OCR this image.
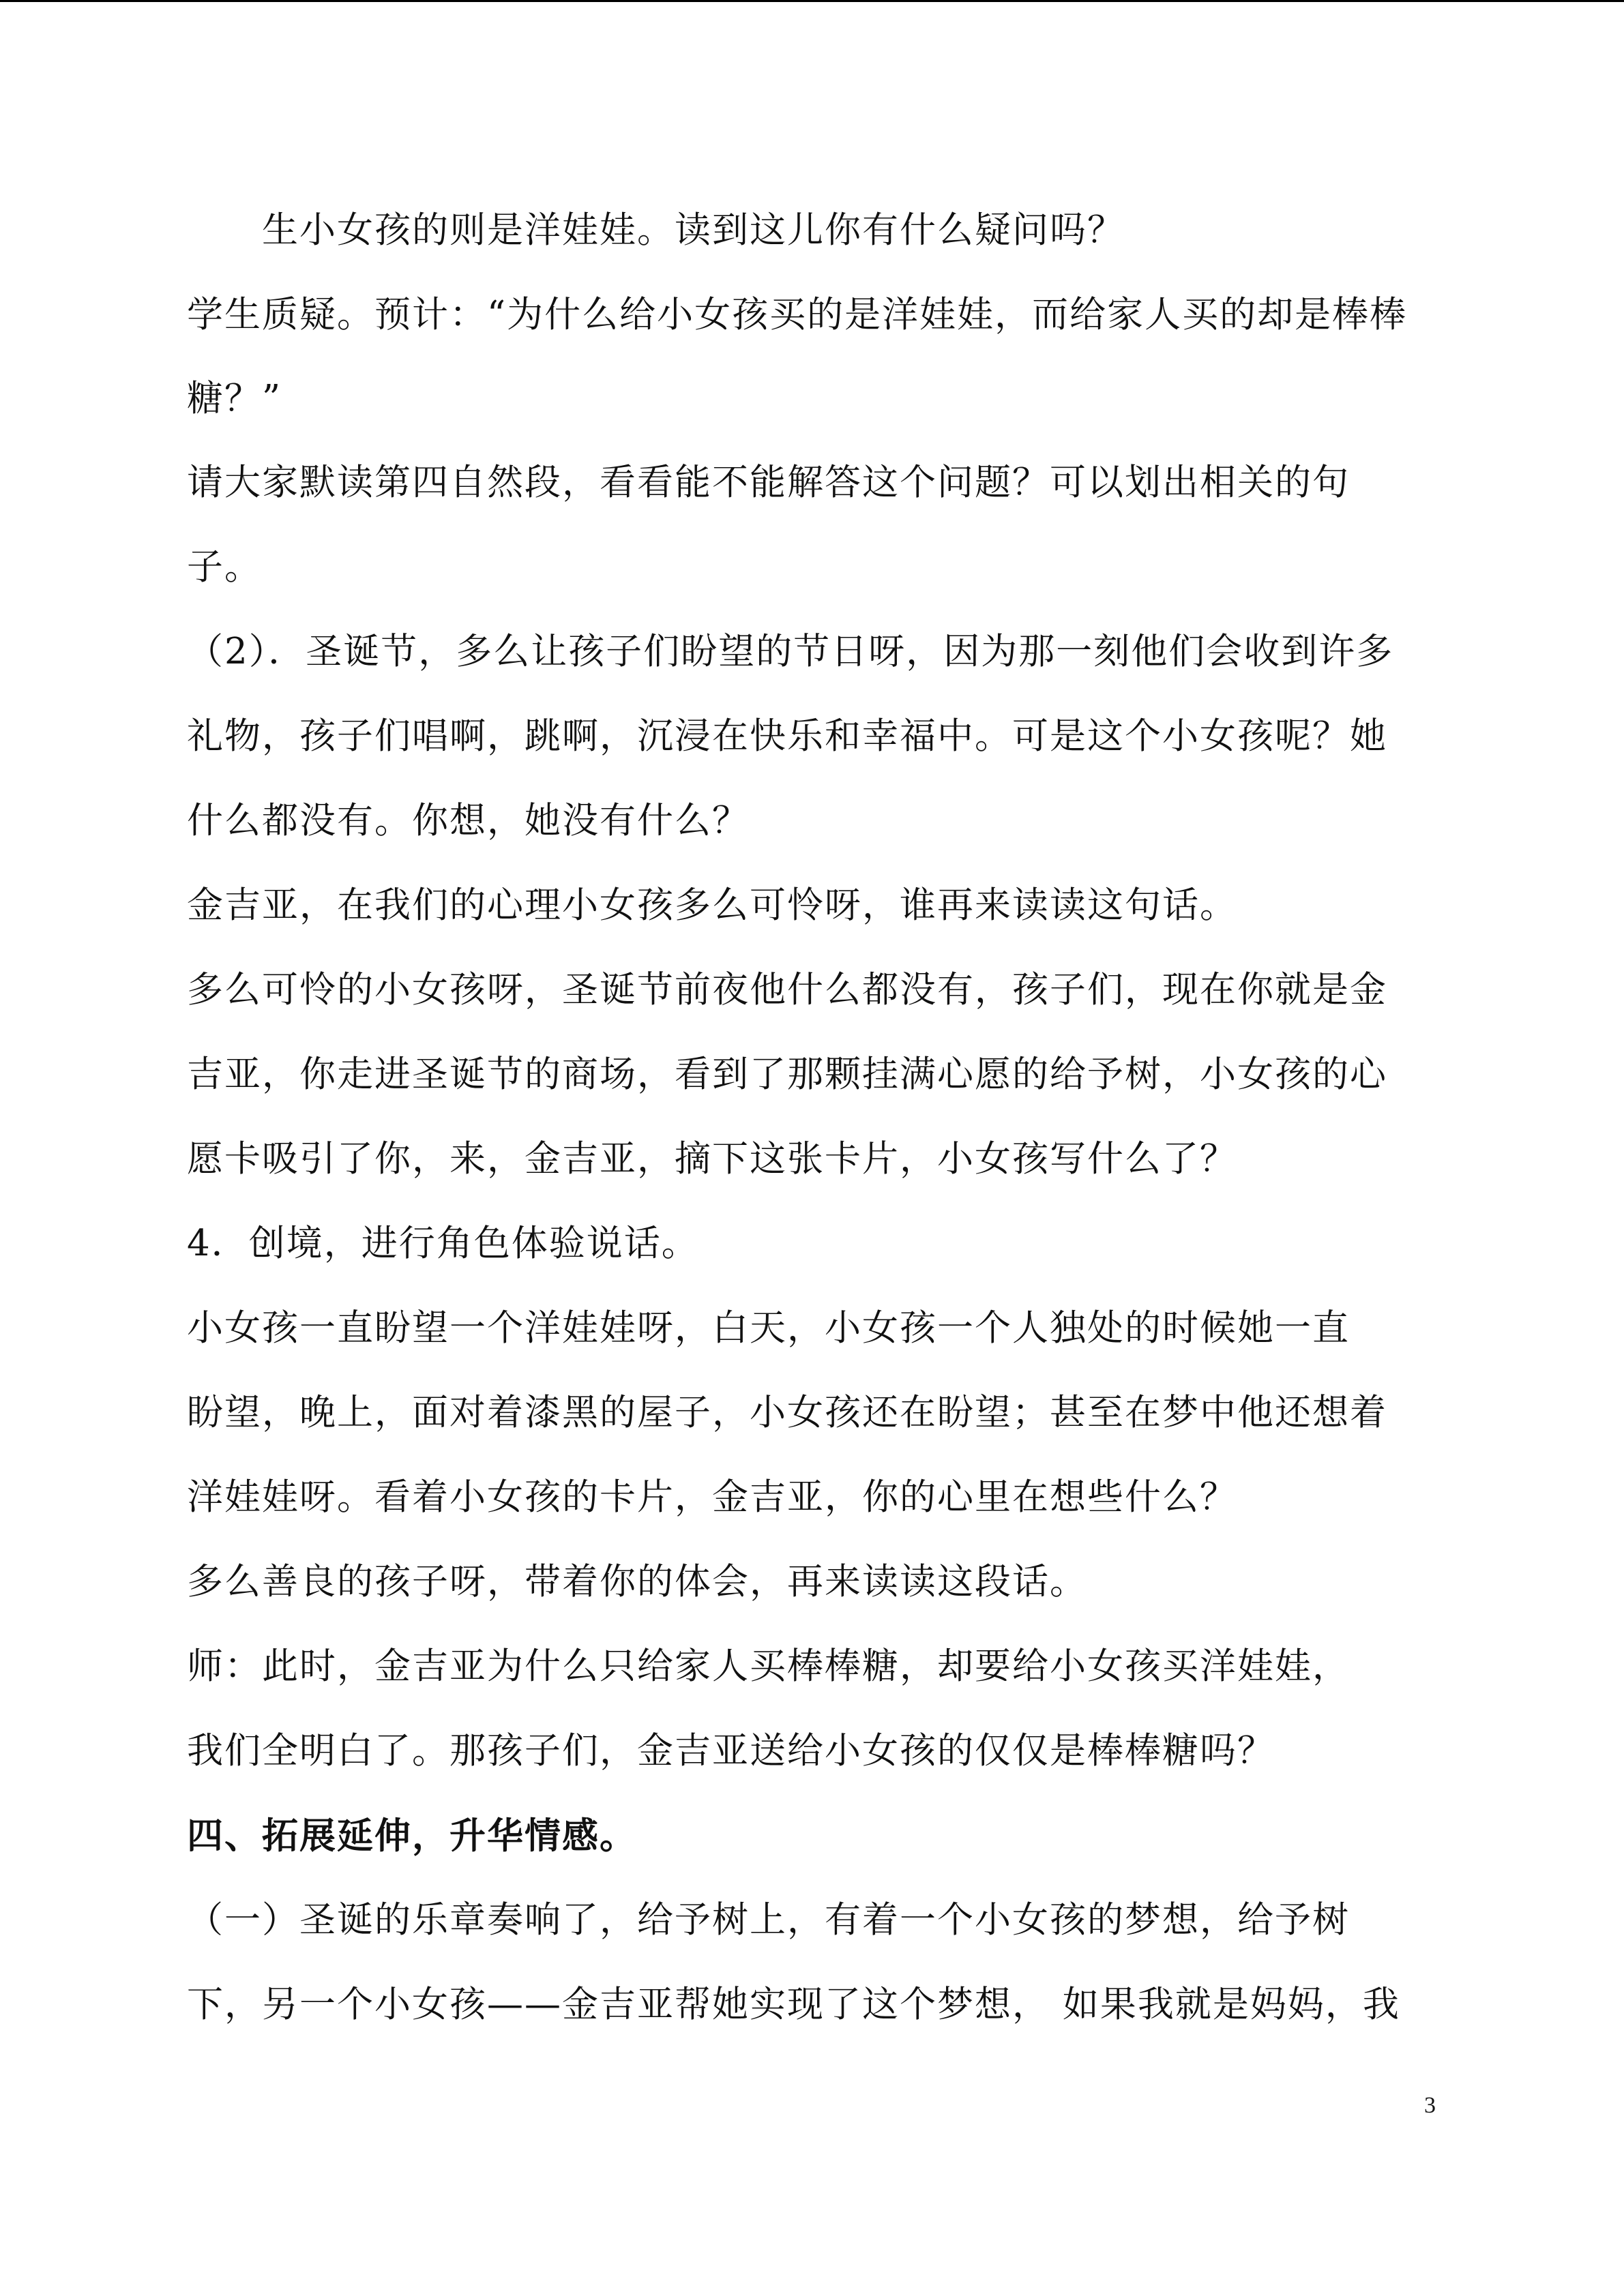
　　生小女孩的则是洋娃娃。读到这儿你有什么疑问吗？
学生质疑。预计：“为什么给小女孩买的是洋娃娃，而给家人买的却是棒棒
糖？”
请大家默读第四自然段，看看能不能解答这个问题？可以划出相关的句
子。
（2）．圣诞节，多么让孩子们盼望的节日呀，因为那一刻他们会收到许多
礼物，孩子们唱啊，跳啊，沉浸在快乐和幸福中。可是这个小女孩呢？她
什么都没有。你想，她没有什么？
金吉亚，在我们的心理小女孩多么可怜呀，谁再来读读这句话。
多么可怜的小女孩呀，圣诞节前夜他什么都没有，孩子们，现在你就是金
吉亚，你走进圣诞节的商场，看到了那颗挂满心愿的给予树，小女孩的心
愿卡吸引了你，来，金吉亚，摘下这张卡片，小女孩写什么了？
4．创境，进行角色体验说话。
小女孩一直盼望一个洋娃娃呀，白天，小女孩一个人独处的时候她一直
盼望，晚上，面对着漆黑的屋子，小女孩还在盼望；甚至在梦中他还想着
洋娃娃呀。看着小女孩的卡片，金吉亚，你的心里在想些什么？
多么善良的孩子呀，带着你的体会，再来读读这段话。
师：此时，金吉亚为什么只给家人买棒棒糖，却要给小女孩买洋娃娃，
我们全明白了。那孩子们，金吉亚送给小女孩的仅仅是棒棒糖吗？
四、拓展延伸，升华情感。
（一）圣诞的乐章奏响了，给予树上，有着一个小女孩的梦想，给予树
下，另一个小女孩——金吉亚帮她实现了这个梦想， 如果我就是妈妈，我
3
